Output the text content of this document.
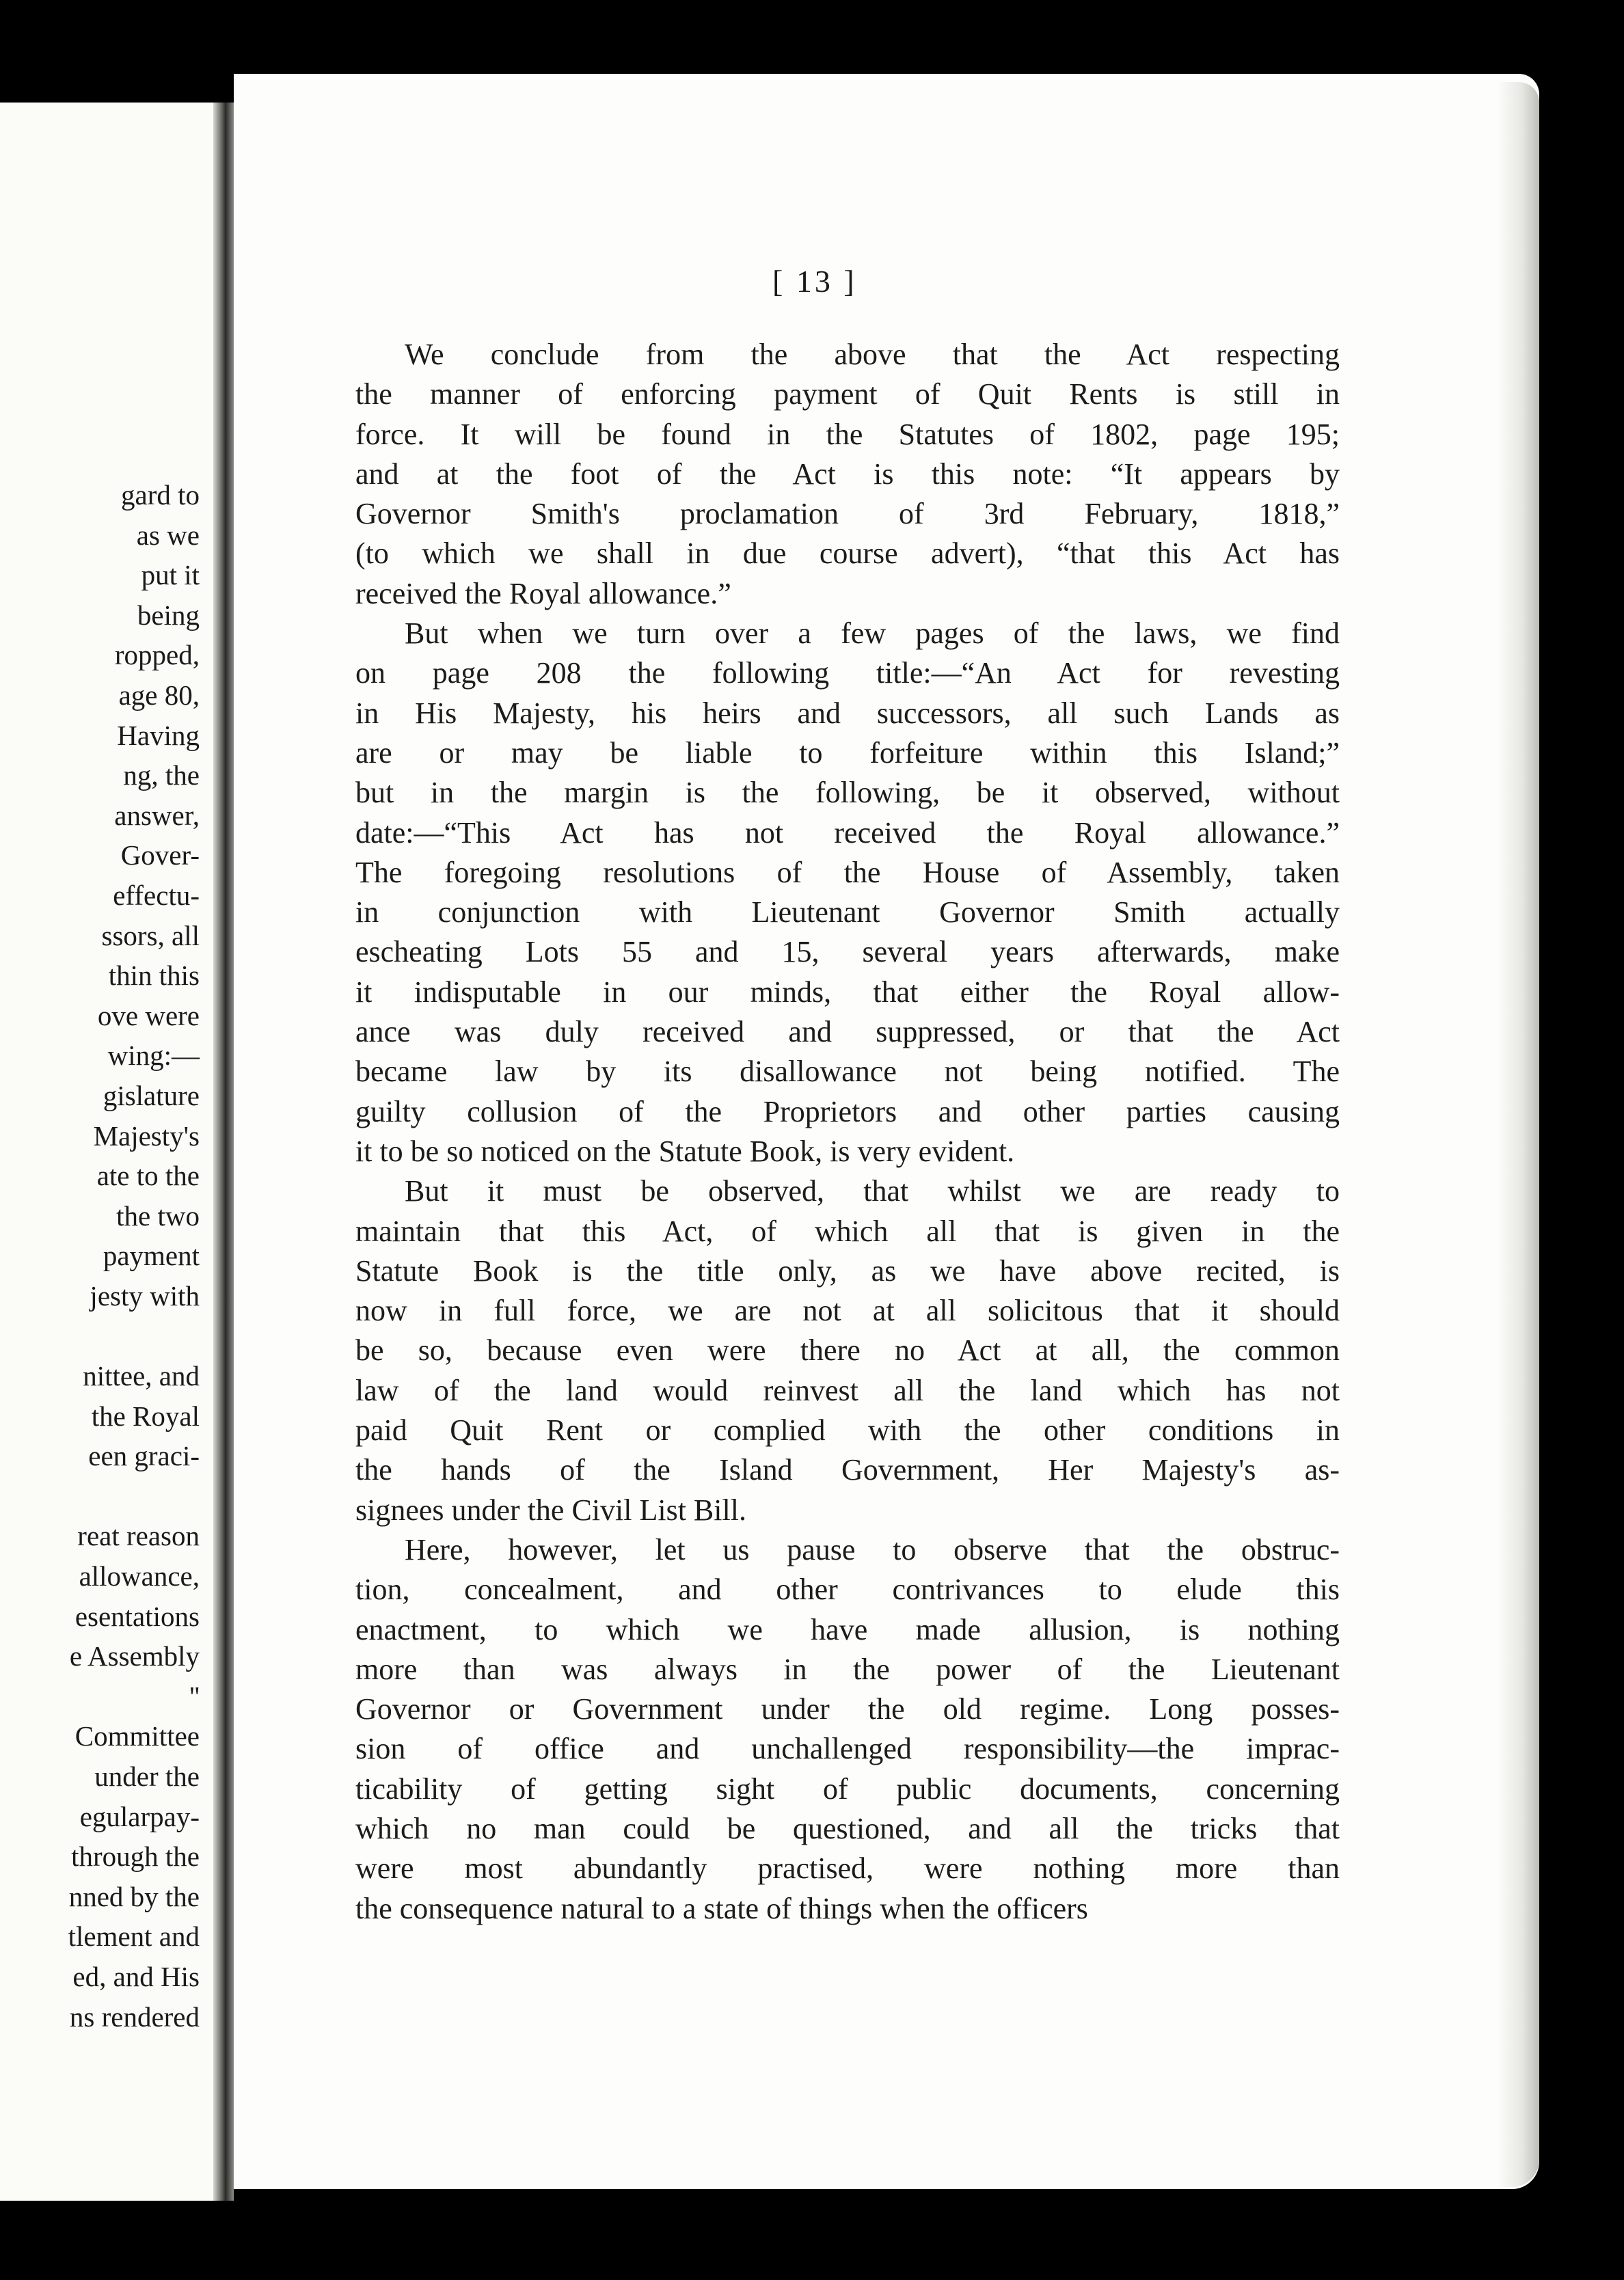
gard to
as we
put it
being
ropped,
age 80,
Having
ng, the
answer,
Gover-
effectu-
ssors, all
thin this
ove were
wing:—
gislature
Majesty's
ate to the
the two
payment
jesty with
nittee, and
the Royal
een graci-
reat reason
allowance,
esentations
e Assembly
''
Committee
under the
egularpay-
through the
nned by the
tlement and
ed, and His
ns rendered
[ 13 ]
We conclude from the above that the Act respecting
the manner of enforcing payment of Quit Rents is still in
force. It will be found in the Statutes of 1802, page 195;
and at the foot of the Act is this note: “It appears by
Governor Smith's proclamation of 3rd February, 1818,”
(to which we shall in due course advert), “that this Act has
received the Royal allowance.”
But when we turn over a few pages of the laws, we find
on page 208 the following title:—“An Act for revesting
in His Majesty, his heirs and successors, all such Lands as
are or may be liable to forfeiture within this Island;”
but in the margin is the following, be it observed, without
date:—“This Act has not received the Royal allowance.”
The foregoing resolutions of the House of Assembly, taken
in conjunction with Lieutenant Governor Smith actually
escheating Lots 55 and 15, several years afterwards, make
it indisputable in our minds, that either the Royal allow-
ance was duly received and suppressed, or that the Act
became law by its disallowance not being notified. The
guilty collusion of the Proprietors and other parties causing
it to be so noticed on the Statute Book, is very evident.
But it must be observed, that whilst we are ready to
maintain that this Act, of which all that is given in the
Statute Book is the title only, as we have above recited, is
now in full force, we are not at all solicitous that it should
be so, because even were there no Act at all, the common
law of the land would reinvest all the land which has not
paid Quit Rent or complied with the other conditions in
the hands of the Island Government, Her Majesty's as-
signees under the Civil List Bill.
Here, however, let us pause to observe that the obstruc-
tion, concealment, and other contrivances to elude this
enactment, to which we have made allusion, is nothing
more than was always in the power of the Lieutenant
Governor or Government under the old regime. Long posses-
sion of office and unchallenged responsibility—the imprac-
ticability of getting sight of public documents, concerning
which no man could be questioned, and all the tricks that
were most abundantly practised, were nothing more than
the consequence natural to a state of things when the officers
